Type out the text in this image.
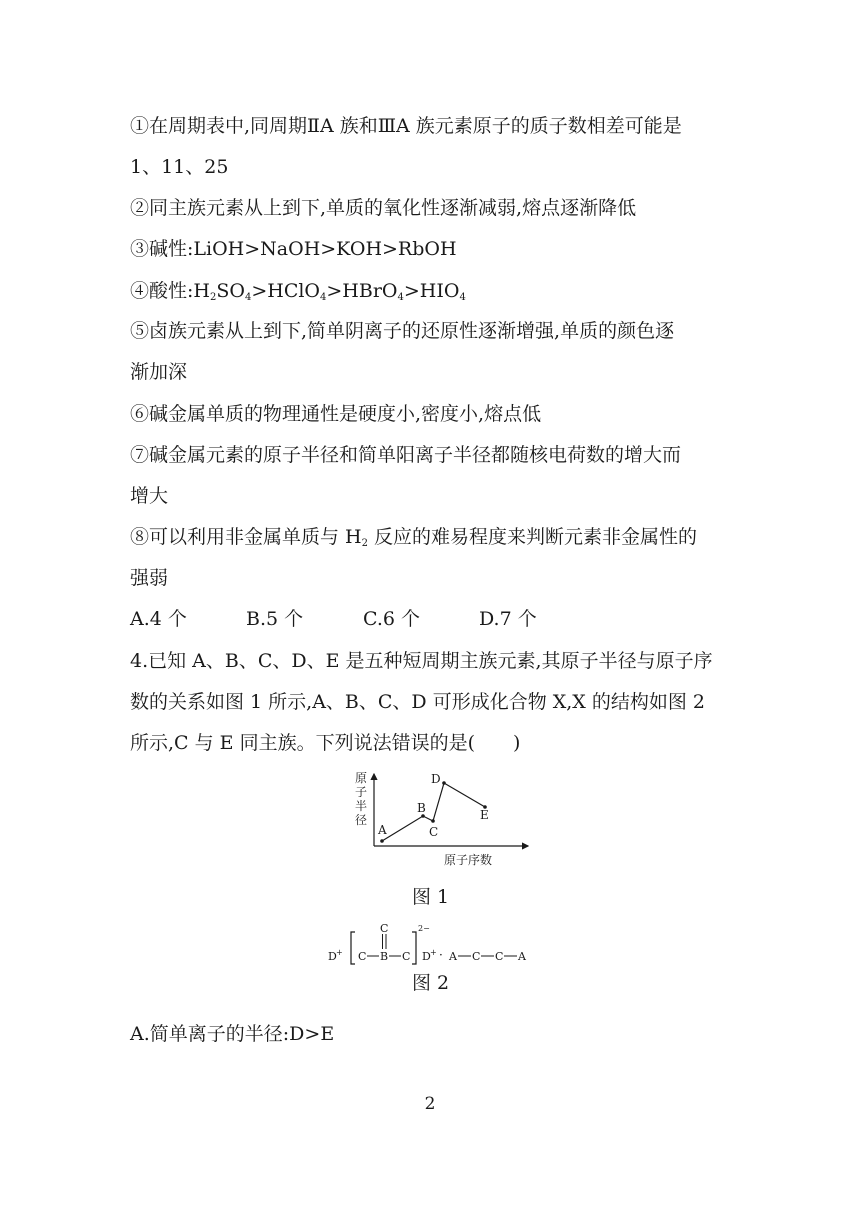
①在周期表中,同周期ⅡA 族和ⅢA 族元素原子的质子数相差可能是
1、11、25
②同主族元素从上到下,单质的氧化性逐渐减弱,熔点逐渐降低
③碱性:LiOH>NaOH>KOH>RbOH
④酸性$:H_2SO_4>HClO_4>HBrO_4>HIO_4$
⑤卤族元素从上到下,简单阴离子的还原性逐渐增强,单质的颜色逐
渐加深
⑥碱金属单质的物理通性是硬度小,密度小,熔点低
⑦碱金属元素的原子半径和简单阳离子半径都随核电荷数的增大而
增大
⑧可以利用非金属单质与 $H_2$ 反应的难易程度来判断元素非金属性的
强弱
A.4 个	B.5 个	C.6 个	D.7 个
4.已知 A、B、C、D、E 是五种短周期主族元素,其原子半径与原子序
数的关系如图 1 所示,A、B、C、D 可形成化合物 X,X 的结构如图 2
所示,C 与 E 同主族。下列说法错误的是(　　)
原
子
半
径
原子序数
A
B
C
D
E
图 1
D + C B C
C	2−
D + · A C C A
图 2
A.简单离子的半径:D>E
2
